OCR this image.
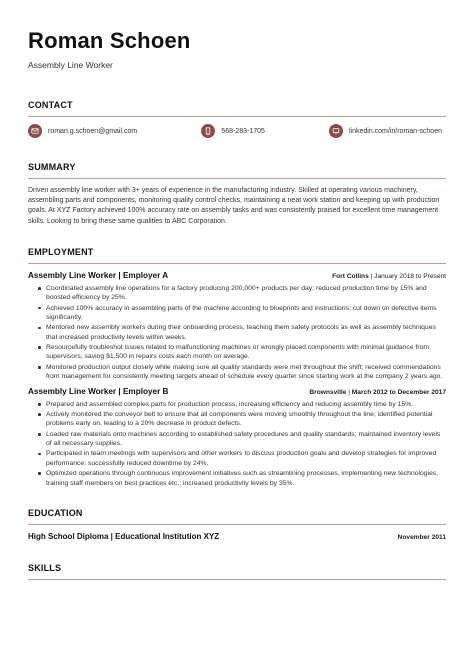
Roman Schoen
Assembly Line Worker
CONTACT
roman.g.schoen@gmail.com	568-283-1705	linkedin.com/in/roman-schoen
SUMMARY
Driven assembly line worker with 3+ years of experience in the manufacturing industry. Skilled at operating various machinery, assembling parts and components, monitoring quality control checks, maintaining a neat work station and keeping up with production goals. At XYZ Factory achieved 100% accuracy rate on assembly tasks and was consistently praised for excellent time management skills. Looking to bring these same qualities to ABC Corporation.
EMPLOYMENT
Assembly Line Worker | Employer A	Fort Collins | January 2018 to Present
Coordinated assembly line operations for a factory producing 200,000+ products per day; reduced production time by 15% and boosted efficiency by 25%.
Achieved 100% accuracy in assembling parts of the machine according to blueprints and instructions; cut down on defective items significantly.
Mentored new assembly workers during their onboarding process, teaching them safety protocols as well as assembly techniques that increased productivity levels within weeks.
Resourcefully troubleshot issues related to malfunctioning machines or wrongly placed components with minimal guidance from supervisors, saving $1,500 in repairs costs each month on average.
Monitored production output closely while making sure all quality standards were met throughout the shift; received commendations from management for consistently meeting targets ahead of schedule every quarter since starting work at the company 2 years ago.
Assembly Line Worker | Employer B	Brownsville | March 2012 to December 2017
Prepared and assembled complex parts for production process, increasing efficiency and reducing assembly time by 15%.
Actively monitored the conveyor belt to ensure that all components were moving smoothly throughout the line; identified potential problems early on, leading to a 20% decrease in product defects.
Loaded raw materials onto machines according to established safety procedures and quality standards; maintained inventory levels of all necessary supplies.
Participated in team meetings with supervisors and other workers to discuss production goals and develop strategies for improved performance; successfully reduced downtime by 24%.
Optimized operations through continuous improvement initiatives such as streamlining processes, implementing new technologies, training staff members on best practices etc.; increased productivity levels by 35%.
EDUCATION
High School Diploma | Educational Institution XYZ	November 2011
SKILLS
